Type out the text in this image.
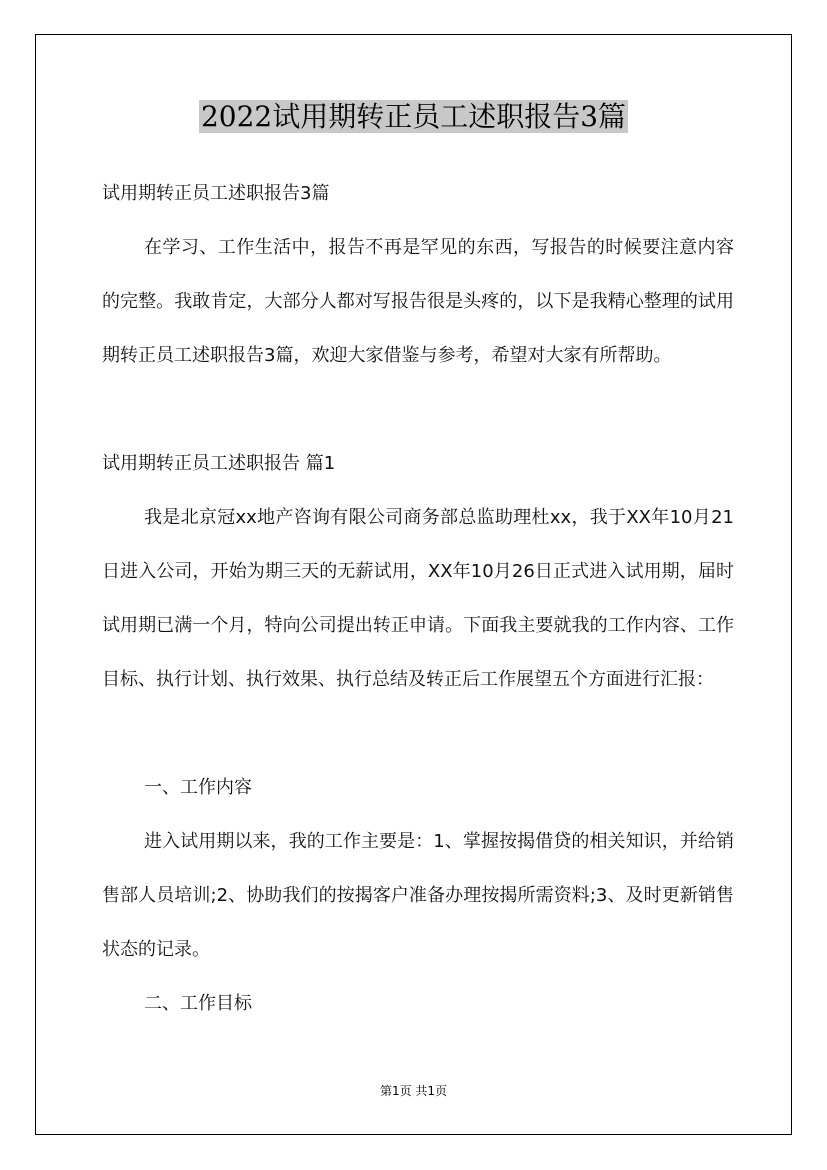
2022试用期转正员工述职报告3篇

试用期转正员工述职报告3篇

在学习、工作生活中，报告不再是罕见的东西，写报告的时候要注意内容的完整。我敢肯定，大部分人都对写报告很是头疼的，以下是我精心整理的试用期转正员工述职报告3篇，欢迎大家借鉴与参考，希望对大家有所帮助。

试用期转正员工述职报告 篇1

我是北京冠xx地产咨询有限公司商务部总监助理杜xx，我于XX年10月21日进入公司，开始为期三天的无薪试用，XX年10月26日正式进入试用期，届时试用期已满一个月，特向公司提出转正申请。下面我主要就我的工作内容、工作目标、执行计划、执行效果、执行总结及转正后工作展望五个方面进行汇报：

一、工作内容

进入试用期以来，我的工作主要是：1、掌握按揭借贷的相关知识，并给销售部人员培训;2、协助我们的按揭客户准备办理按揭所需资料;3、及时更新销售状态的记录。

二、工作目标

第1页 共1页
